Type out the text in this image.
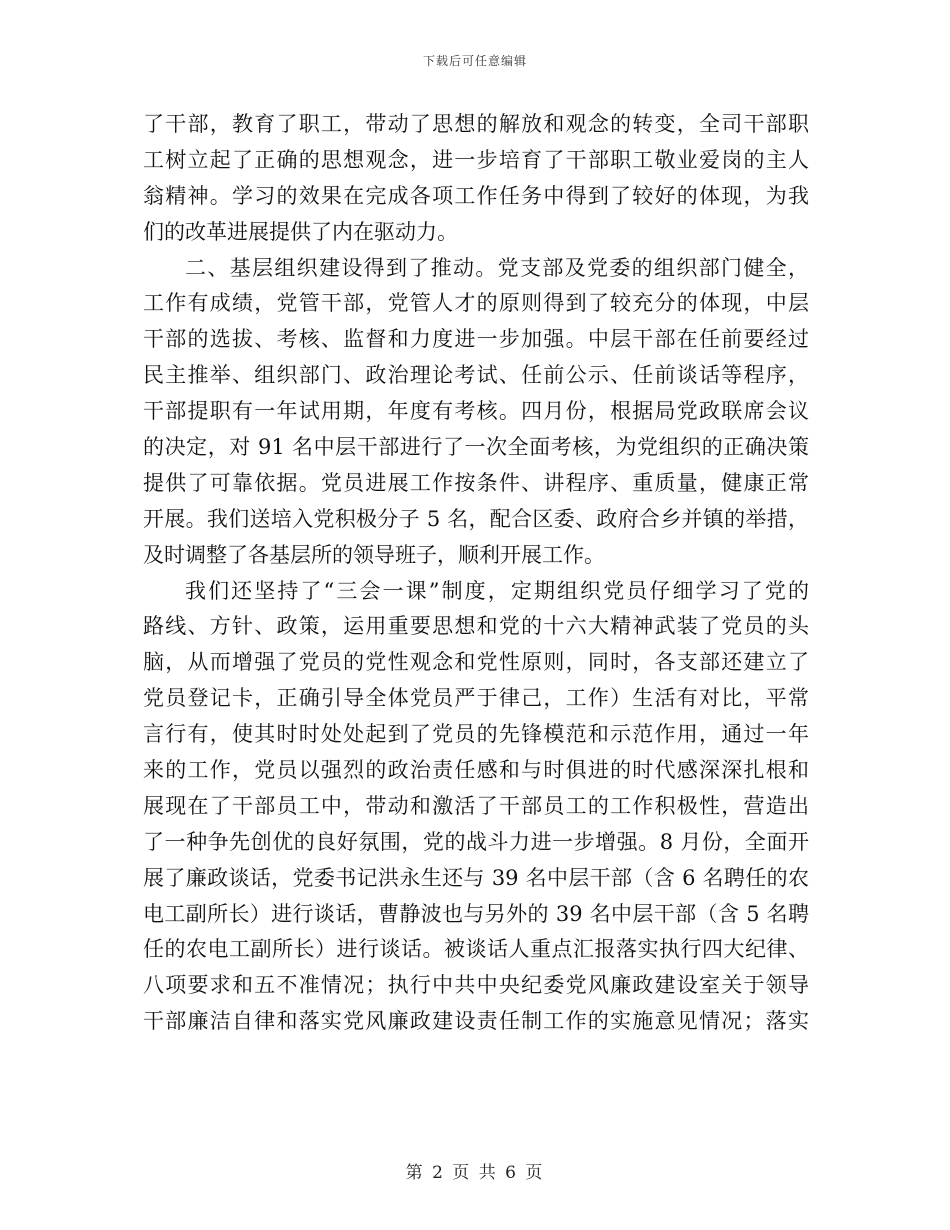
下载后可任意编辑
了干部，教育了职工，带动了思想的解放和观念的转变，全司干部职
工树立起了正确的思想观念，进一步培育了干部职工敬业爱岗的主人
翁精神。学习的效果在完成各项工作任务中得到了较好的体现，为我
们的改革进展提供了内在驱动力。
二、基层组织建设得到了推动。党支部及党委的组织部门健全，
工作有成绩，党管干部，党管人才的原则得到了较充分的体现，中层
干部的选拔、考核、监督和力度进一步加强。中层干部在任前要经过
民主推举、组织部门、政治理论考试、任前公示、任前谈话等程序，
干部提职有一年试用期，年度有考核。四月份，根据局党政联席会议
的决定，对 91 名中层干部进行了一次全面考核，为党组织的正确决策
提供了可靠依据。党员进展工作按条件、讲程序、重质量，健康正常
开展。我们送培入党积极分子 5 名，配合区委、政府合乡并镇的举措，
及时调整了各基层所的领导班子，顺利开展工作。
我们还坚持了“三会一课”制度，定期组织党员仔细学习了党的
路线、方针、政策，运用重要思想和党的十六大精神武装了党员的头
脑，从而增强了党员的党性观念和党性原则，同时，各支部还建立了
党员登记卡，正确引导全体党员严于律己，工作）生活有对比，平常
言行有，使其时时处处起到了党员的先锋模范和示范作用，通过一年
来的工作，党员以强烈的政治责任感和与时俱进的时代感深深扎根和
展现在了干部员工中，带动和激活了干部员工的工作积极性，营造出
了一种争先创优的良好氛围，党的战斗力进一步增强。8 月份，全面开
展了廉政谈话，党委书记洪永生还与 39 名中层干部（含 6 名聘任的农
电工副所长）进行谈话，曹静波也与另外的 39 名中层干部（含 5 名聘
任的农电工副所长）进行谈话。被谈话人重点汇报落实执行四大纪律、
八项要求和五不准情况；执行中共中央纪委党风廉政建设室关于领导
干部廉洁自律和落实党风廉政建设责任制工作的实施意见情况；落实
第 2 页 共 6 页
